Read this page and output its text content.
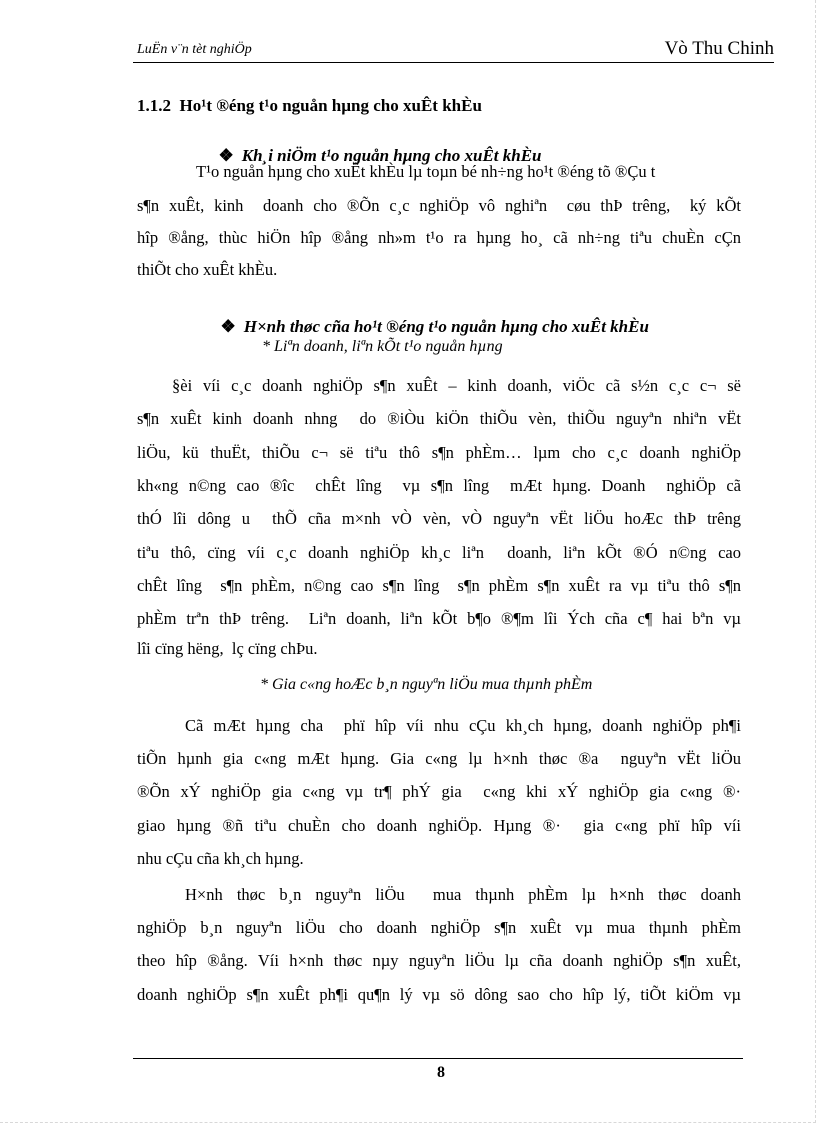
LuËn v¨n tèt nghiÖp	Vò Thu Chinh
1.1.2  Ho¹t ®éng t¹o nguån hµng cho xuÊt khÈu

❖ Kh¸i niÖm t¹o nguån hµng cho xuÊt khÈu

T¹o nguån hµng cho xuÊt khÈu lµ toµn bé nh÷ng ho¹t ®éng tõ ®Çu t
s¶n xuÊt, kinh  doanh cho ®Õn c¸c nghiÖp vô nghiªn  cøu thÞ trêng,  ký kÕt
hîp ®ång, thùc hiÖn hîp ®ång nh»m t¹o ra hµng ho¸ cã nh÷ng tiªu chuÈn cÇn
thiÕt cho xuÊt khÈu.

❖ H×nh thøc cña ho¹t ®éng t¹o nguån hµng cho xuÊt khÈu

* Liªn doanh, liªn kÕt t¹o nguån hµng
§èi víi c¸c doanh nghiÖp s¶n xuÊt – kinh doanh, viÖc cã s½n c¸c c¬ së
s¶n xuÊt kinh doanh nhng  do ®iÒu kiÖn thiÕu vèn, thiÕu nguyªn nhiªn vËt
liÖu, kü thuËt, thiÕu c¬ së tiªu thô s¶n phÈm… lµm cho c¸c doanh nghiÖp
kh«ng n©ng cao ®îc  chÊt lîng  vµ s¶n lîng  mÆt hµng. Doanh  nghiÖp cã
thÓ lîi dông u  thÕ cña m×nh vÒ vèn, vÒ nguyªn vËt liÖu hoÆc thÞ trêng
tiªu thô, cïng víi c¸c doanh nghiÖp kh¸c liªn  doanh, liªn kÕt ®Ó n©ng cao
chÊt lîng  s¶n phÈm, n©ng cao s¶n lîng  s¶n phÈm s¶n xuÊt ra vµ tiªu thô s¶n
phÈm trªn thÞ trêng.  Liªn doanh, liªn kÕt b¶o ®¶m lîi Ých cña c¶ hai bªn vµ
lîi cïng hëng,  lç cïng chÞu.
* Gia c«ng hoÆc b¸n nguyªn liÖu mua thµnh phÈm
Cã mÆt hµng cha  phï hîp víi nhu cÇu kh¸ch hµng, doanh nghiÖp ph¶i
tiÕn hµnh gia c«ng mÆt hµng. Gia c«ng lµ h×nh thøc ®a  nguyªn vËt liÖu
®Õn xÝ nghiÖp gia c«ng vµ tr¶ phÝ gia  c«ng khi xÝ nghiÖp gia c«ng ®·
giao hµng ®ñ tiªu chuÈn cho doanh nghiÖp. Hµng ®·  gia c«ng phï hîp víi
nhu cÇu cña kh¸ch hµng.
H×nh thøc b¸n nguyªn liÖu  mua thµnh phÈm lµ h×nh thøc doanh
nghiÖp b¸n nguyªn liÖu cho doanh nghiÖp s¶n xuÊt vµ mua thµnh phÈm
theo hîp ®ång. Víi h×nh thøc nµy nguyªn liÖu lµ cña doanh nghiÖp s¶n xuÊt,
doanh nghiÖp s¶n xuÊt ph¶i qu¶n lý vµ sö dông sao cho hîp lý, tiÕt kiÖm vµ
8
